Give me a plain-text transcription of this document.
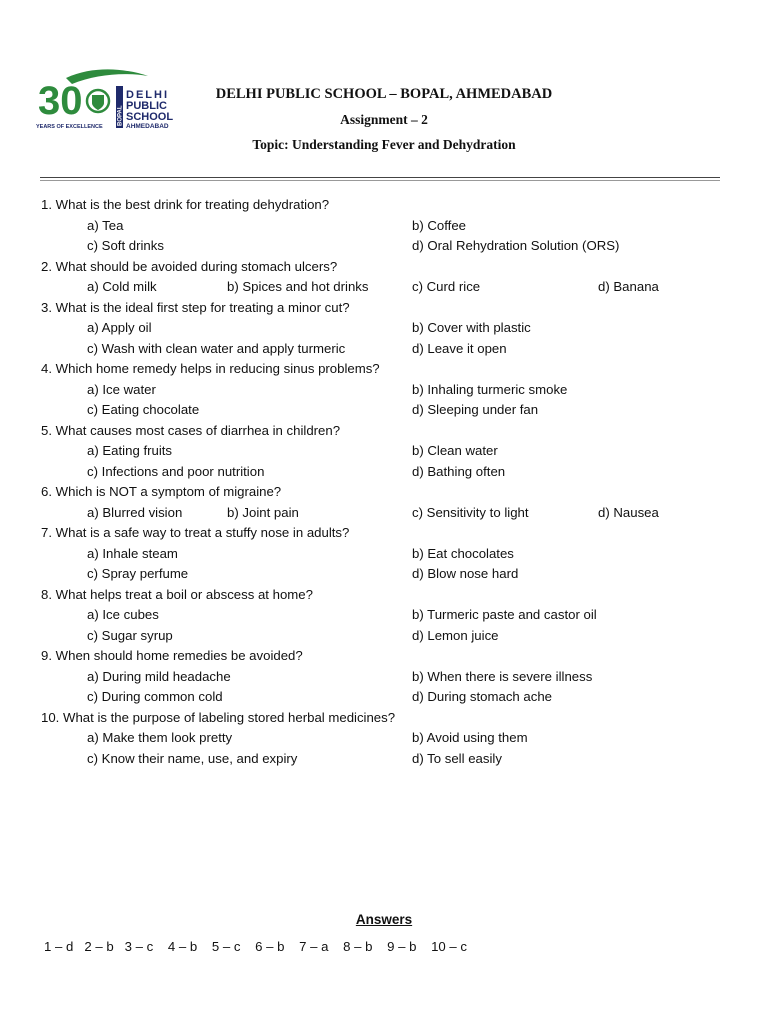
30
YEARS OF EXCELLENCE
BOPAL
DELHI
PUBLIC
SCHOOL
AHMEDABAD
DELHI PUBLIC SCHOOL – BOPAL, AHMEDABAD
Assignment – 2
Topic: Understanding Fever and Dehydration
1. What is the best drink for treating dehydration?
a) Tea	b) Coffee
c) Soft drinks	d) Oral Rehydration Solution (ORS)
2. What should be avoided during stomach ulcers?
a) Cold milk	b) Spices and hot drinks	c) Curd rice	d) Banana
3. What is the ideal first step for treating a minor cut?
a) Apply oil	b) Cover with plastic
c) Wash with clean water and apply turmeric	d) Leave it open
4. Which home remedy helps in reducing sinus problems?
a) Ice water	b) Inhaling turmeric smoke
c) Eating chocolate	d) Sleeping under fan
5. What causes most cases of diarrhea in children?
a) Eating fruits	b) Clean water
c) Infections and poor nutrition	d) Bathing often
6. Which is NOT a symptom of migraine?
a) Blurred vision	b) Joint pain	c) Sensitivity to light	d) Nausea
7. What is a safe way to treat a stuffy nose in adults?
a) Inhale steam	b) Eat chocolates
c) Spray perfume	d) Blow nose hard
8. What helps treat a boil or abscess at home?
a) Ice cubes	b) Turmeric paste and castor oil
c) Sugar syrup	d) Lemon juice
9. When should home remedies be avoided?
a) During mild headache	b) When there is severe illness
c) During common cold	d) During stomach ache
10. What is the purpose of labeling stored herbal medicines?
a) Make them look pretty	b) Avoid using them
c) Know their name, use, and expiry	d) To sell easily
Answers
1 – d   2 – b   3 – c    4 – b    5 – c    6 – b    7 – a    8 – b    9 – b    10 – c
